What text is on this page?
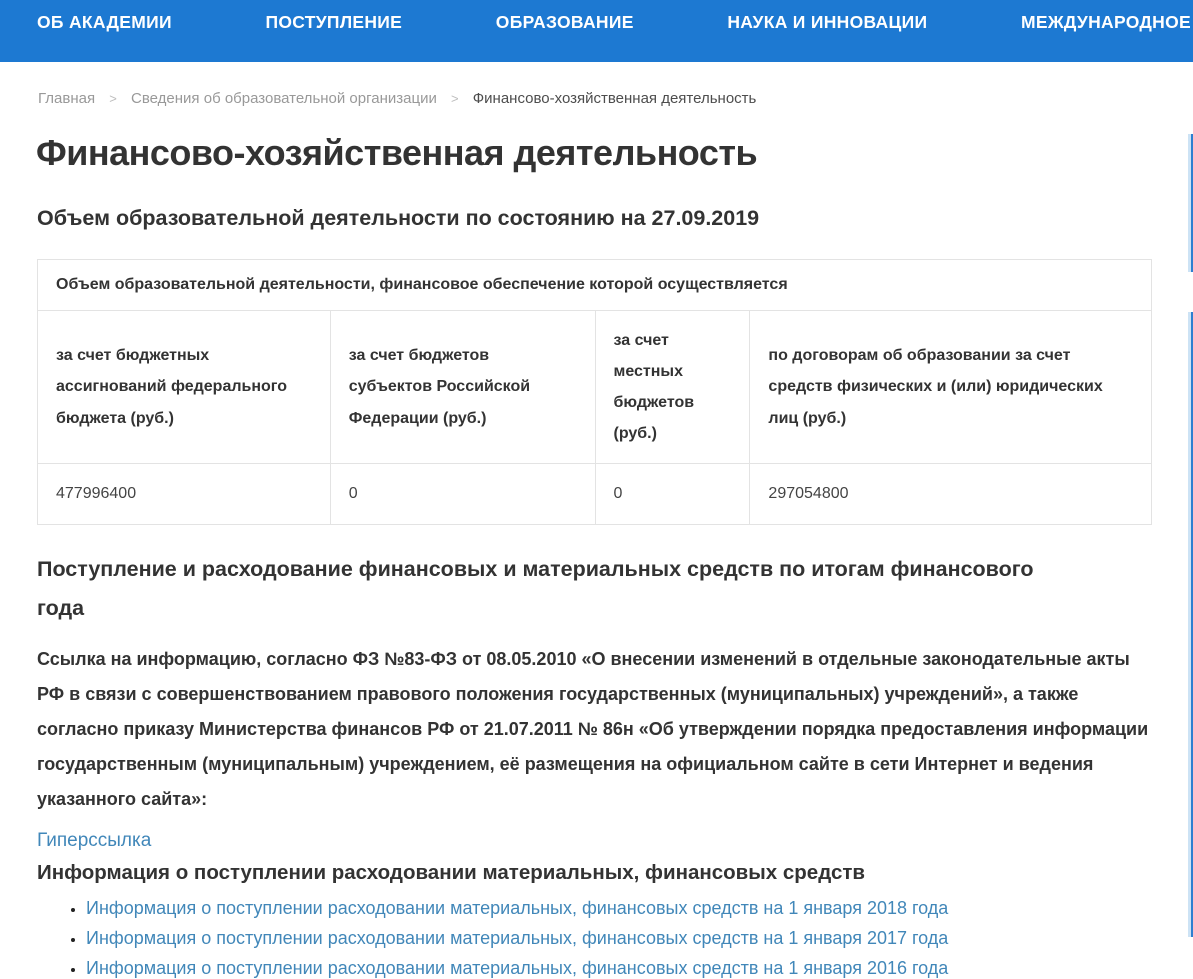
ОБ АКАДЕМИИ	ПОСТУПЛЕНИЕ	ОБРАЗОВАНИЕ	НАУКА И ИННОВАЦИИ	МЕЖДУНАРОДНОЕ
Главная > Сведения об образовательной организации > Финансово-хозяйственная деятельность
Финансово-хозяйственная деятельность
Объем образовательной деятельности по состоянию на 27.09.2019
Объем образовательной деятельности, финансовое обеспечение которой осуществляется			
за счет бюджетных ассигнований федерального бюджета (руб.)	за счет бюджетов субъектов Российской Федерации (руб.)	за счет местных бюджетов (руб.)	по договорам об образовании за счет средств физических и (или) юридических лиц (руб.)
477996400	0	0	297054800
Поступление и расходование финансовых и материальных средств по итогам финансового года

Ссылка на информацию, согласно ФЗ №83-ФЗ от 08.05.2010 «О внесении изменений в отдельные законодательные акты РФ в связи с совершенствованием правового положения государственных (муниципальных) учреждений», а также согласно приказу Министерства финансов РФ от 21.07.2011 № 86н «Об утверждении порядка предоставления информации государственным (муниципальным) учреждением, её размещения на официальном сайте в сети Интернет и ведения указанного сайта»:

Гиперссылка
Информация о поступлении расходовании материальных, финансовых средств
• Информация о поступлении расходовании материальных, финансовых средств на 1 января 2018 года
• Информация о поступлении расходовании материальных, финансовых средств на 1 января 2017 года
• Информация о поступлении расходовании материальных, финансовых средств на 1 января 2016 года
